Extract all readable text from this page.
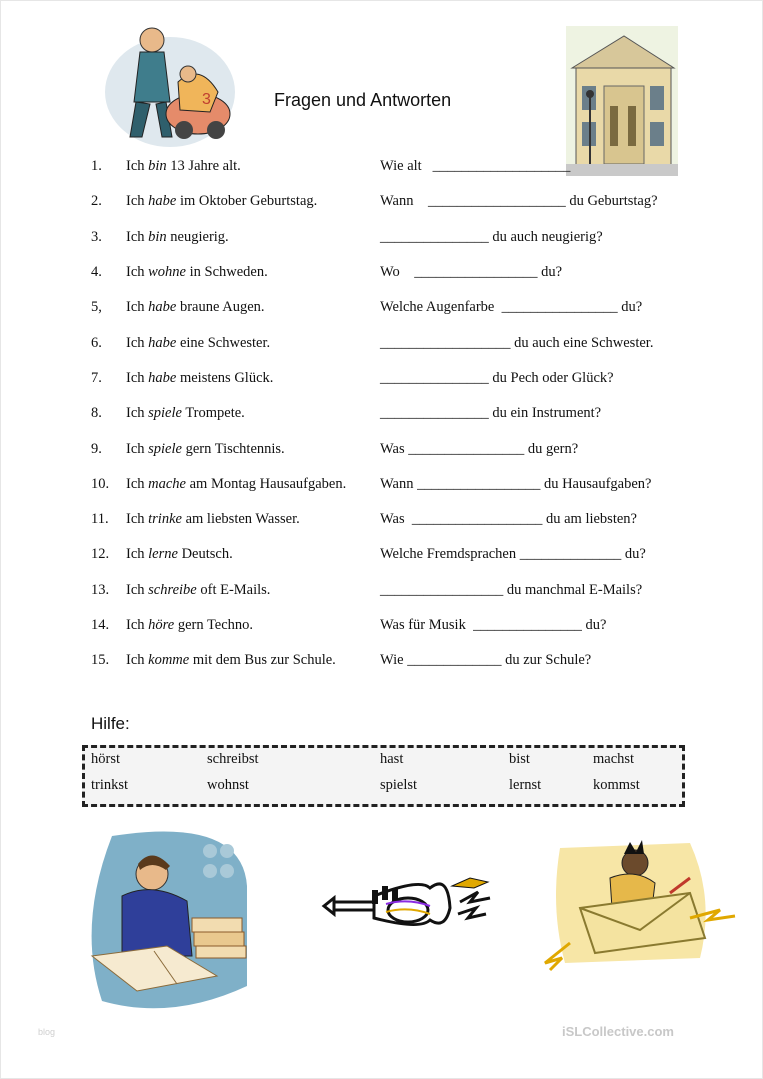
3	Fragen und Antworten
1. Ich bin 13 Jahre alt.	Wie alt   ___________________
2. Ich habe im Oktober Geburtstag.	Wann    ___________________ du Geburtstag?
3. Ich bin neugierig.	_______________ du auch neugierig?
4. Ich wohne in Schweden.	Wo    _________________ du?
5, Ich habe braune Augen.	Welche Augenfarbe  ________________ du?
6. Ich habe eine Schwester.	__________________ du auch eine Schwester.
7. Ich habe meistens Glück.	_______________ du Pech oder Glück?
8. Ich spiele Trompete.	_______________ du ein Instrument?
9. Ich spiele gern Tischtennis.	Was ________________ du gern?
10. Ich mache am Montag Hausaufgaben. Wann _________________ du Hausaufgaben?
11. Ich trinke am liebsten Wasser.	Was  __________________ du am liebsten?
12. Ich lerne Deutsch.	Welche Fremdsprachen ______________ du?
13. Ich schreibe oft E-Mails.	_________________ du manchmal E-Mails?
14. Ich höre gern Techno.	Was für Musik  _______________ du?
15. Ich komme mit dem Bus zur Schule.	Wie _____________ du zur Schule?
Hilfe:
hörst	schreibst	hast	bist	machst
trinkst	wohnst	spielst	lernst	kommst
blog	iSLCollective.com
